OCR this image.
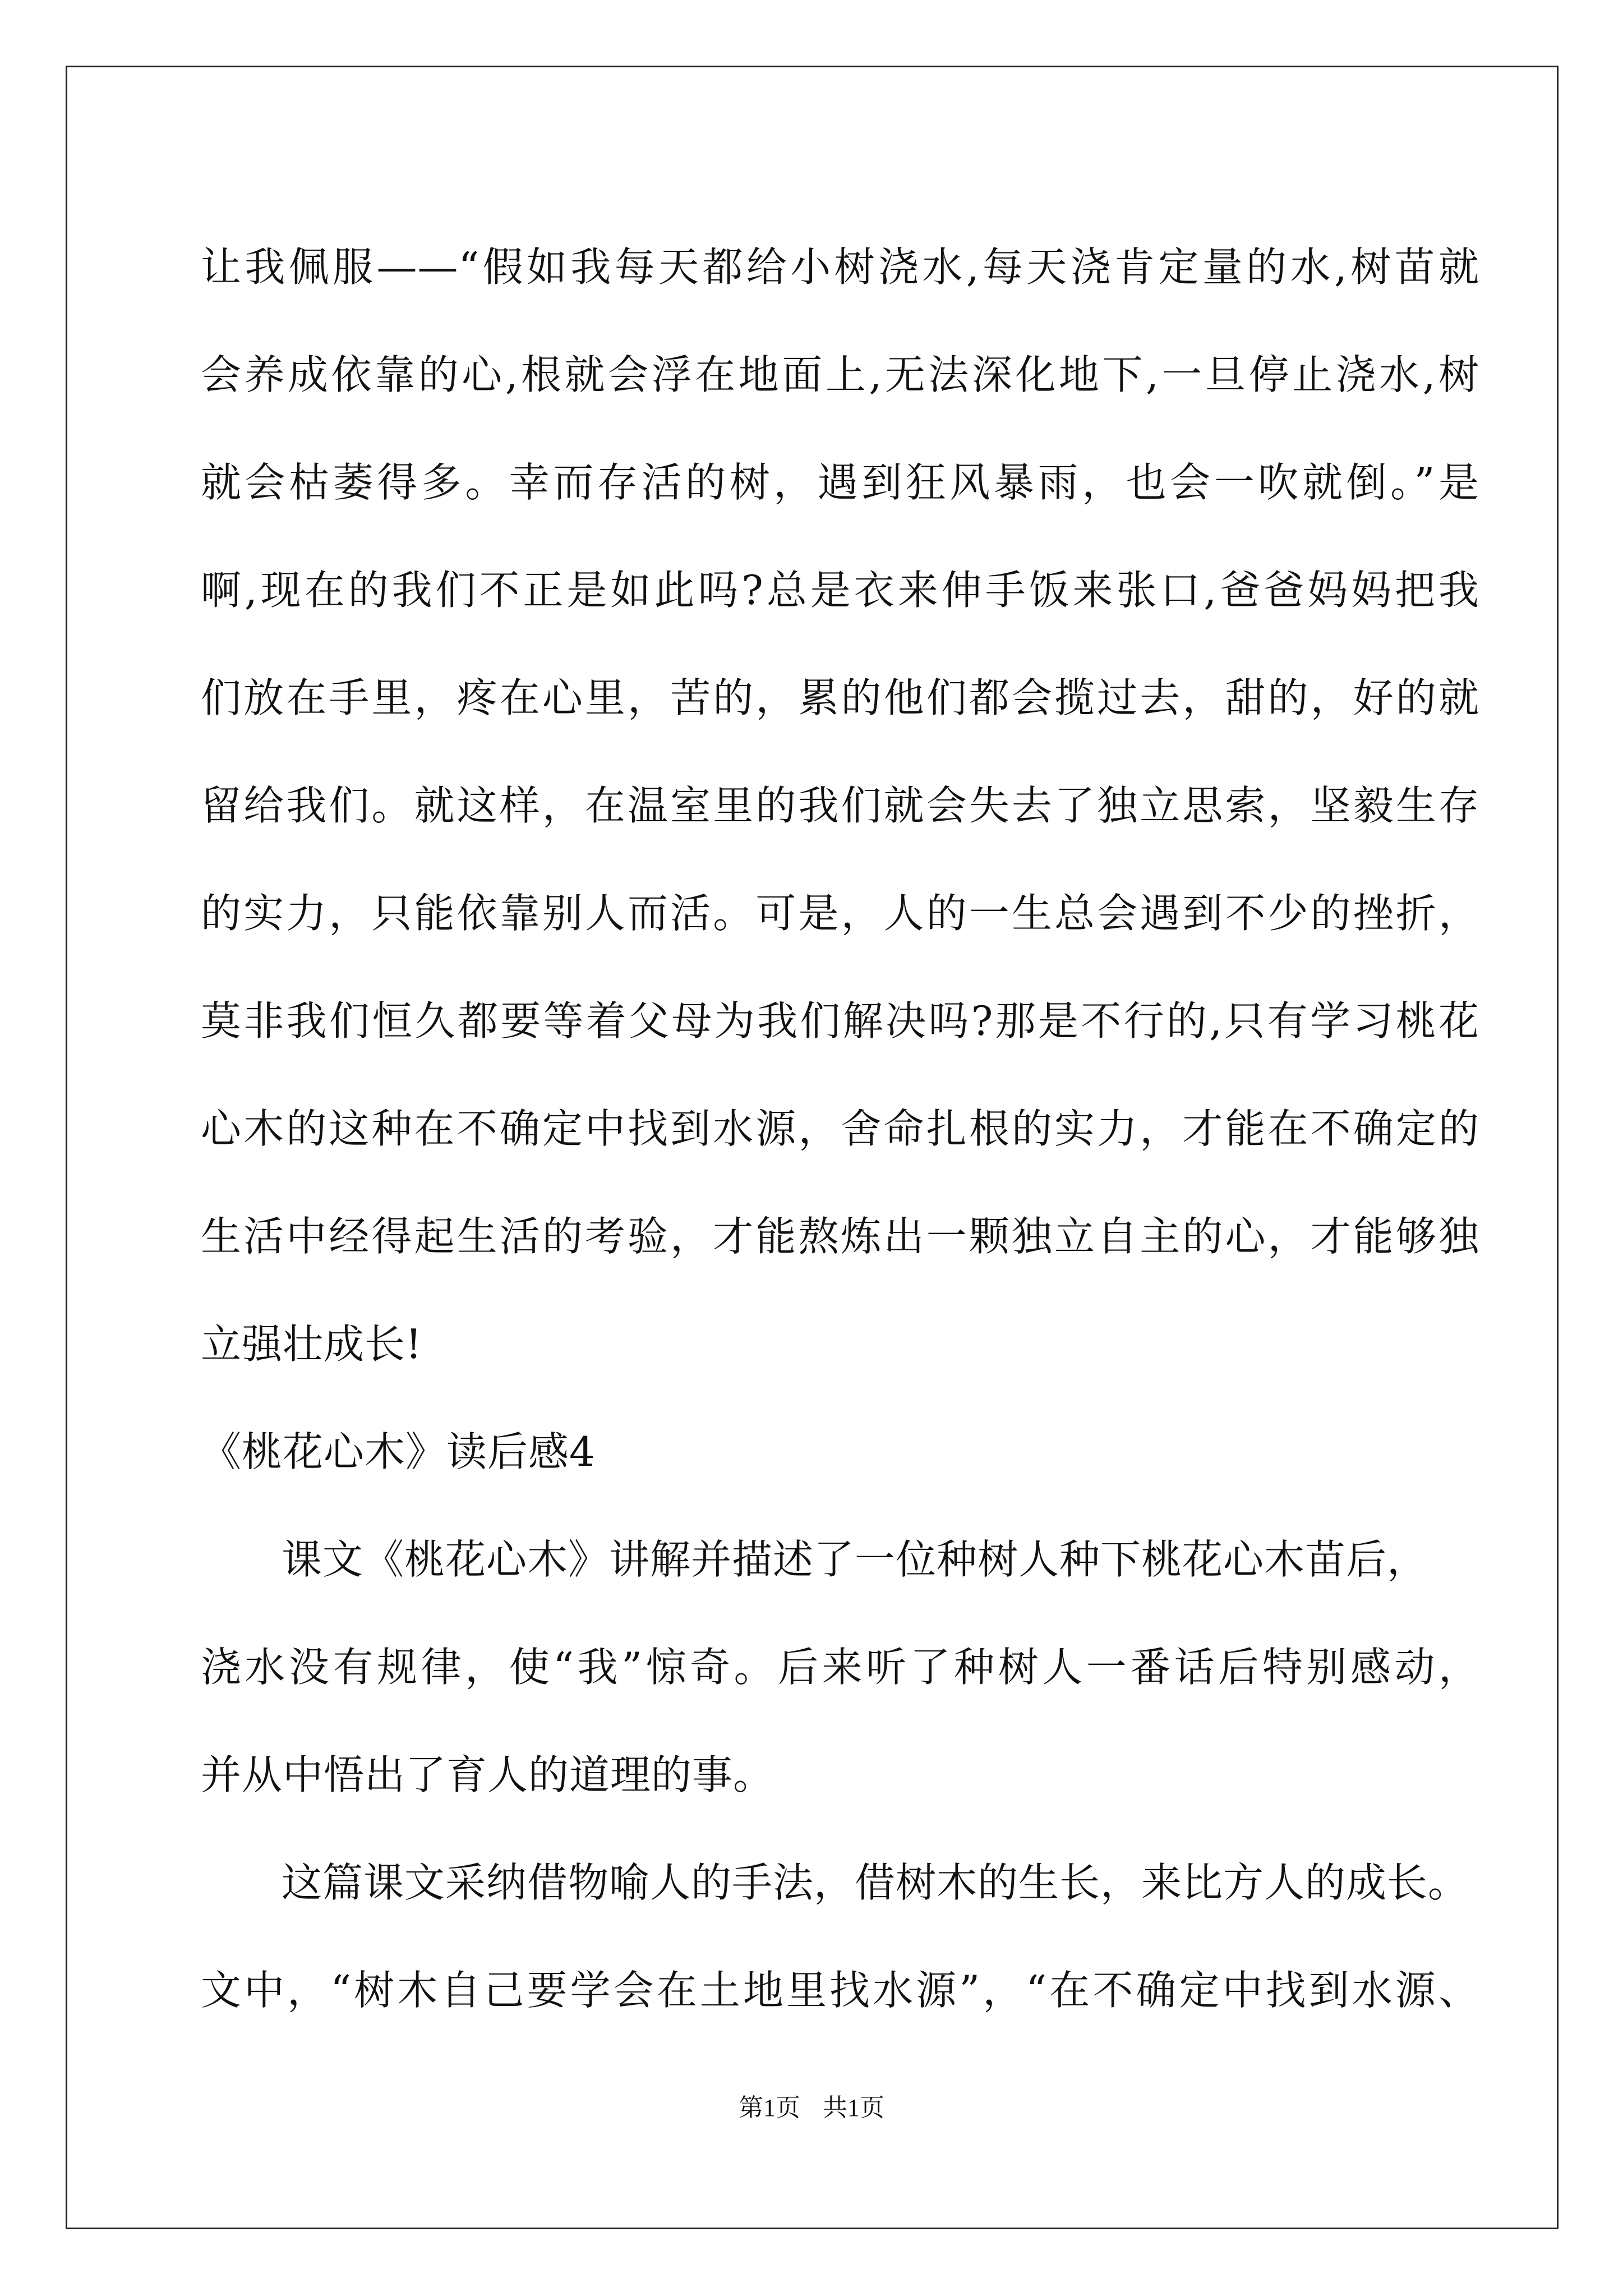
让我佩服——“假如我每天都给小树浇水,每天浇肯定量的水,树苗就
会养成依靠的心,根就会浮在地面上,无法深化地下,一旦停止浇水,树
就会枯萎得多。幸而存活的树，遇到狂风暴雨，也会一吹就倒。”是
啊,现在的我们不正是如此吗?总是衣来伸手饭来张口,爸爸妈妈把我
们放在手里，疼在心里，苦的，累的他们都会揽过去，甜的，好的就
留给我们。就这样，在温室里的我们就会失去了独立思索，坚毅生存
的实力，只能依靠别人而活。可是，人的一生总会遇到不少的挫折，
莫非我们恒久都要等着父母为我们解决吗?那是不行的,只有学习桃花
心木的这种在不确定中找到水源，舍命扎根的实力，才能在不确定的
生活中经得起生活的考验，才能熬炼出一颗独立自主的心，才能够独
立强壮成长!
《桃花心木》读后感4
课文《桃花心木》讲解并描述了一位种树人种下桃花心木苗后，
浇水没有规律，使“我”惊奇。后来听了种树人一番话后特别感动，
并从中悟出了育人的道理的事。
这篇课文采纳借物喻人的手法，借树木的生长，来比方人的成长。
文中，“树木自己要学会在土地里找水源”，“在不确定中找到水源、
第1页 共1页
